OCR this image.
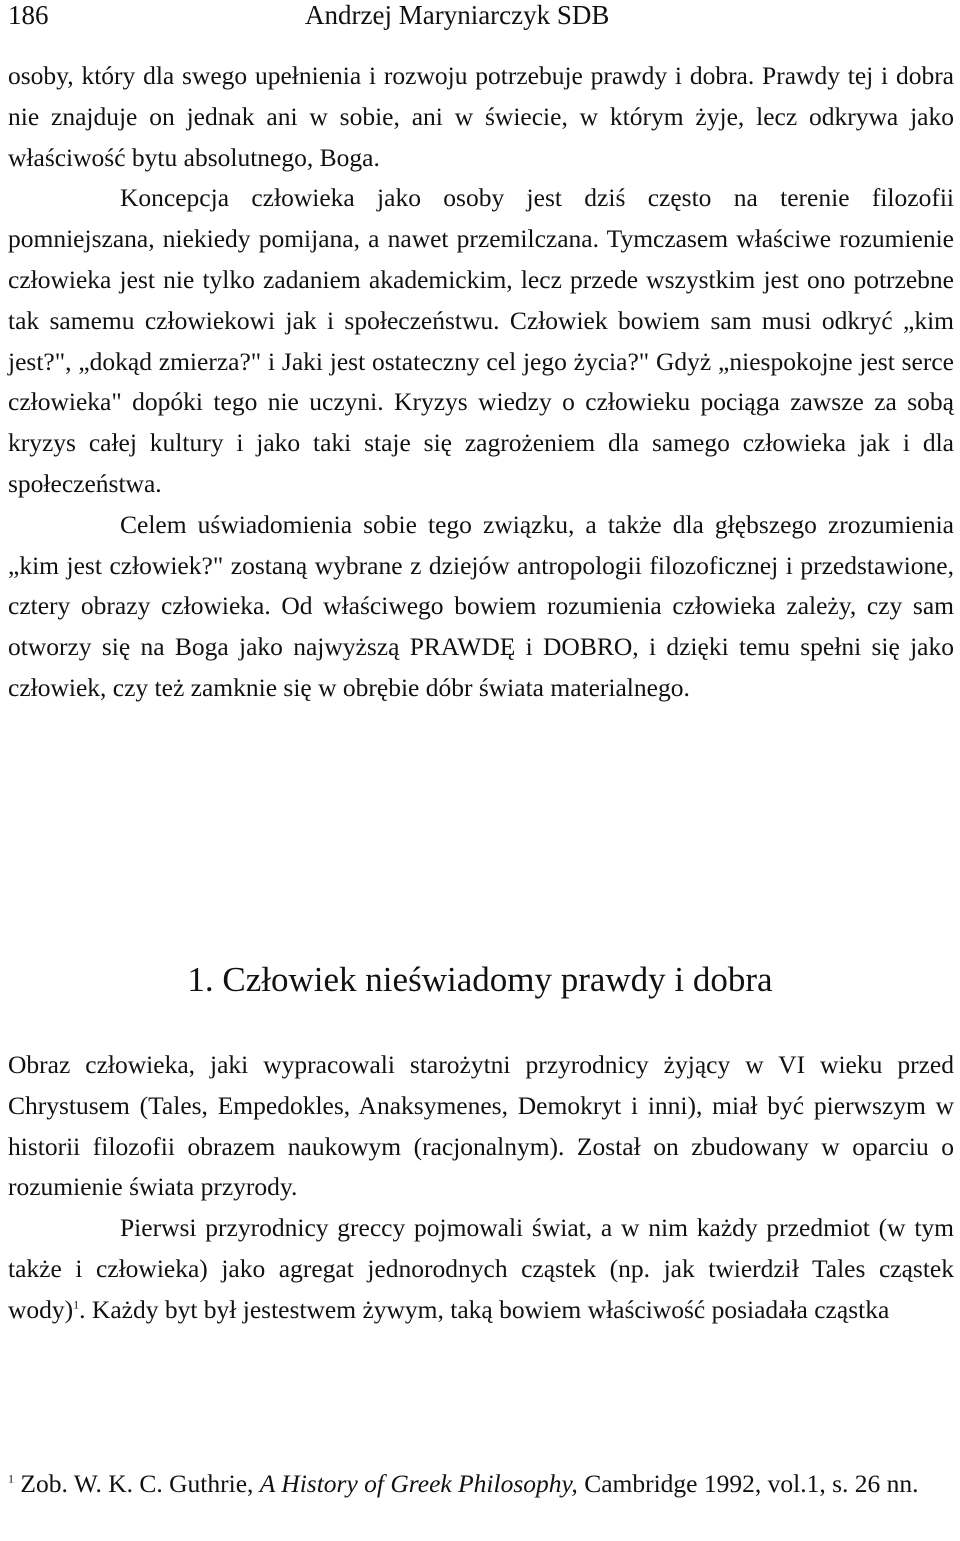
186	Andrzej Maryniarczyk SDB

osoby, który dla swego upełnienia i rozwoju potrzebuje prawdy i dobra. Prawdy tej i dobra nie znajduje on jednak ani w sobie, ani w świecie, w którym żyje, lecz odkrywa jako właściwość bytu absolutnego, Boga.

Koncepcja człowieka jako osoby jest dziś często na terenie filozofii pomniejszana, niekiedy pomijana, a nawet przemilczana. Tymczasem właściwe rozumienie człowieka jest nie tylko zadaniem akademickim, lecz przede wszystkim jest ono potrzebne tak samemu człowiekowi jak i społeczeństwu. Człowiek bowiem sam musi odkryć „kim jest?", „dokąd zmierza?" i Jaki jest ostateczny cel jego życia?" Gdyż „niespokojne jest serce człowieka" dopóki tego nie uczyni. Kryzys wiedzy o człowieku pociąga zawsze za sobą kryzys całej kultury i jako taki staje się zagrożeniem dla samego człowieka jak i dla społeczeństwa.

Celem uświadomienia sobie tego związku, a także dla głębszego zrozumienia „kim jest człowiek?" zostaną wybrane z dziejów antropologii filozoficznej i przedstawione, cztery obrazy człowieka. Od właściwego bowiem rozumienia człowieka zależy, czy sam otworzy się na Boga jako najwyższą PRAWDĘ i DOBRO, i dzięki temu spełni się jako człowiek, czy też zamknie się w obrębie dóbr świata materialnego.

1. Człowiek nieświadomy prawdy i dobra

Obraz człowieka, jaki wypracowali starożytni przyrodnicy żyjący w VI wieku przed Chrystusem (Tales, Empedokles, Anaksymenes, Demokryt i inni), miał być pierwszym w historii filozofii obrazem naukowym (racjonalnym). Został on zbudowany w oparciu o rozumienie świata przyrody.

Pierwsi przyrodnicy greccy pojmowali świat, a w nim każdy przedmiot (w tym także i człowieka) jako agregat jednorodnych cząstek (np. jak twierdził Tales cząstek wody)$^1$. Każdy byt był jestestwem żywym, taką bowiem właściwość posiadała cząstka

$^1$ Zob. W. K. C. Guthrie, A History of Greek Philosophy, Cambridge 1992, vol.1, s. 26 nn.
